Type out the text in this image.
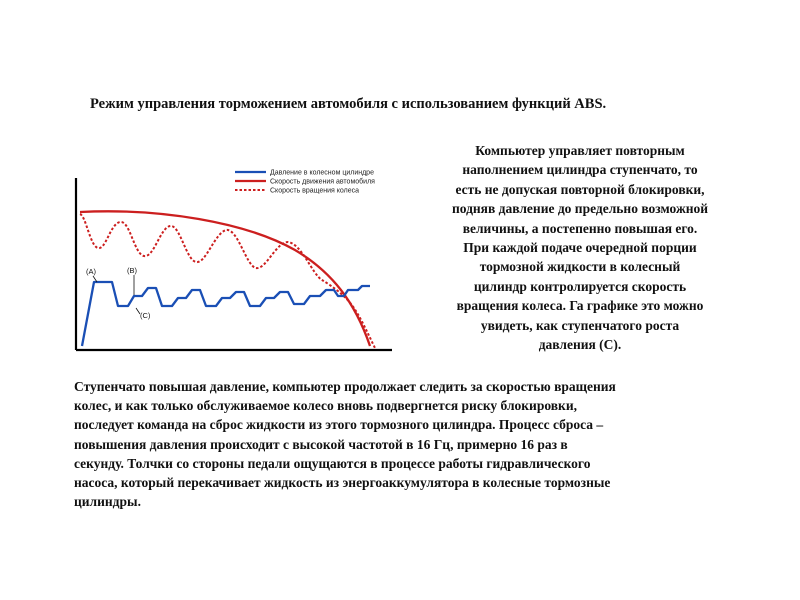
Режим управления торможением автомобиля с использованием функций ABS.
Давление в колесном цилиндре
Скорость движения автомобиля
Скорость вращения колеса
(A)	(B)
(C)
Компьютер управляет повторным
наполнением цилиндра ступенчато, то
есть не допуская повторной блокировки,
подняв давление до предельно возможной
величины, а постепенно повышая его.
При каждой подаче очередной порции
тормозной жидкости в колесный
цилиндр контролируется скорость
вращения колеса. Га графике это можно
увидеть, как ступенчатого роста
давления (С).
Ступенчато повышая давление, компьютер продолжает следить за скоростью вращения
колес, и как только обслуживаемое колесо вновь подвергнется риску блокировки,
последует команда на сброс жидкости из этого тормозного цилиндра. Процесс сброса –
повышения давления происходит с высокой частотой в 16 Гц, примерно 16 раз в
секунду. Толчки со стороны педали ощущаются в процессе работы гидравлического
насоса, который перекачивает жидкость из энергоаккумулятора в колесные тормозные
цилиндры.
